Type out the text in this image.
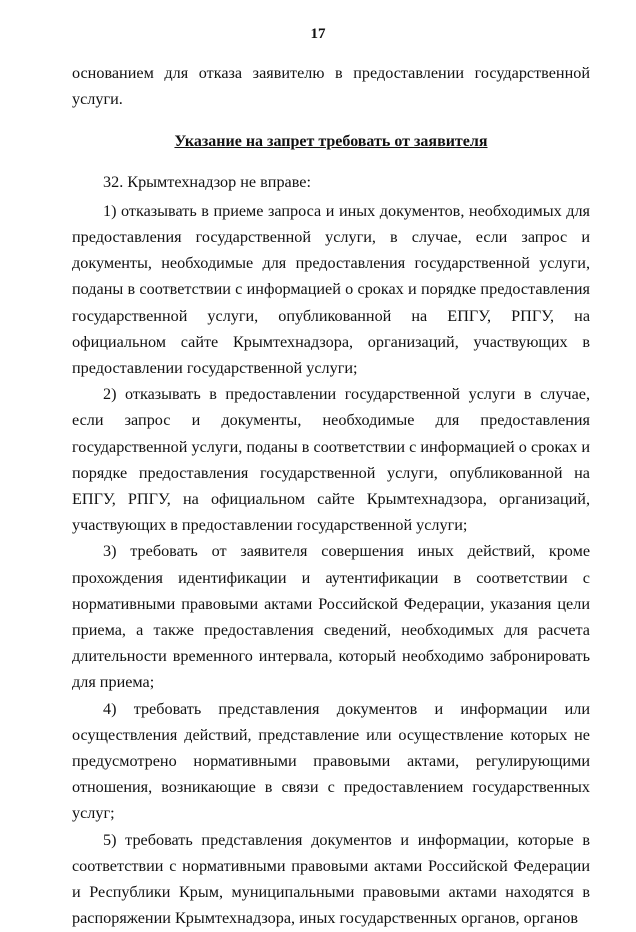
17

основанием для отказа заявителю в предоставлении государственной услуги.

Указание на запрет требовать от заявителя

32. Крымтехнадзор не вправе:

1) отказывать в приеме запроса и иных документов, необходимых для предоставления государственной услуги, в случае, если запрос и документы, необходимые для предоставления государственной услуги, поданы в соответствии с информацией о сроках и порядке предоставления государственной услуги, опубликованной на ЕПГУ, РПГУ, на официальном сайте Крымтехнадзора, организаций, участвующих в предоставлении государственной услуги;

2) отказывать в предоставлении государственной услуги в случае, если запрос и документы, необходимые для предоставления государственной услуги, поданы в соответствии с информацией о сроках и порядке предоставления государственной услуги, опубликованной на ЕПГУ, РПГУ, на официальном сайте Крымтехнадзора, организаций, участвующих в предоставлении государственной услуги;

3) требовать от заявителя совершения иных действий, кроме прохождения идентификации и аутентификации в соответствии с нормативными правовыми актами Российской Федерации, указания цели приема, а также предоставления сведений, необходимых для расчета длительности временного интервала, который необходимо забронировать для приема;

4) требовать представления документов и информации или осуществления действий, представление или осуществление которых не предусмотрено нормативными правовыми актами, регулирующими отношения, возникающие в связи с предоставлением государственных услуг;

5) требовать представления документов и информации, которые в соответствии с нормативными правовыми актами Российской Федерации и Республики Крым, муниципальными правовыми актами находятся в распоряжении Крымтехнадзора, иных государственных органов, органов
